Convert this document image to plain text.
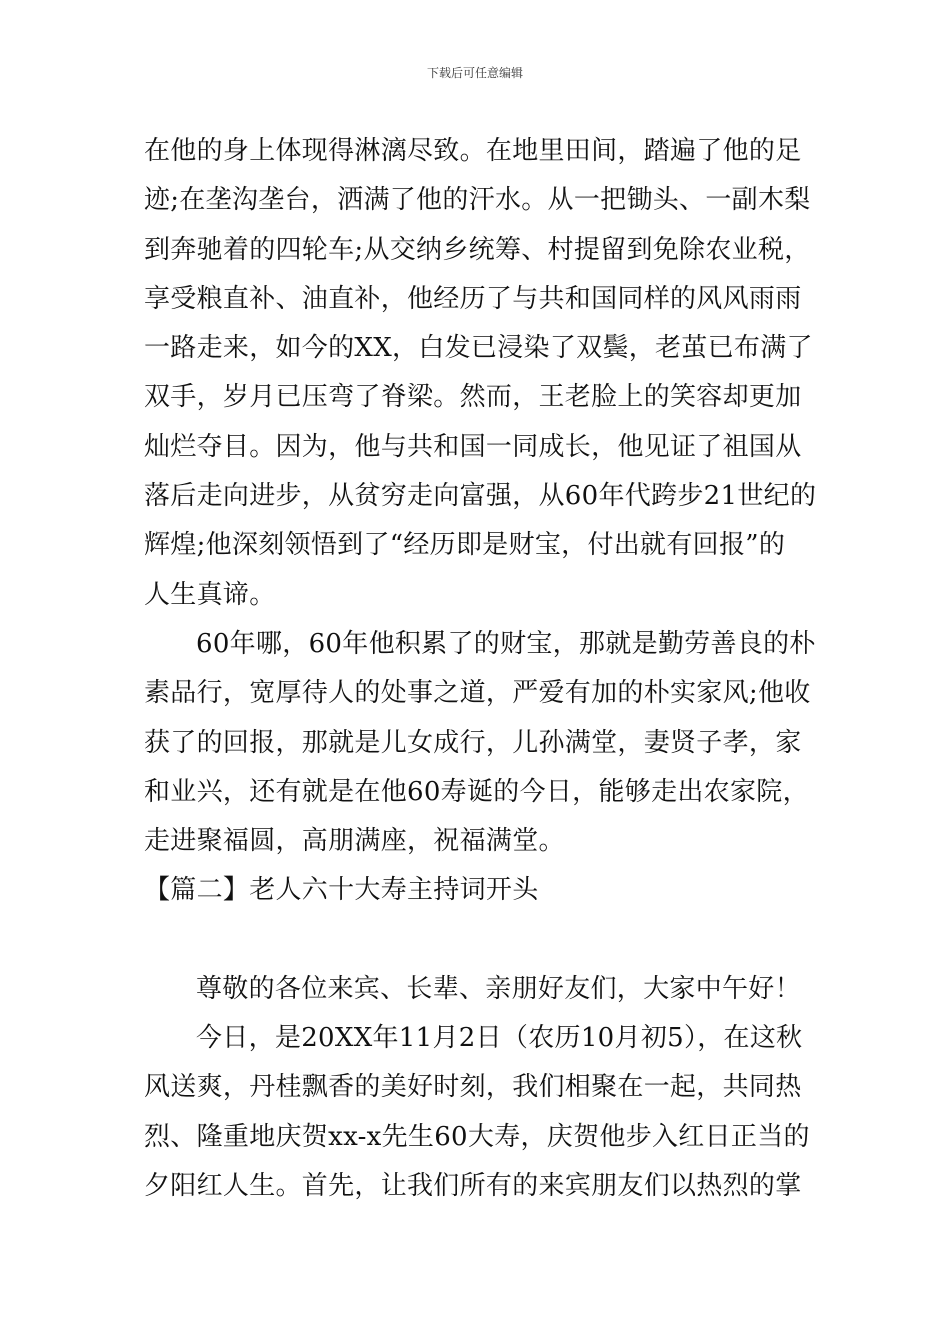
下载后可任意编辑
在他的身上体现得淋漓尽致。在地里田间，踏遍了他的足
迹;在垄沟垄台，洒满了他的汗水。从一把锄头、一副木梨
到奔驰着的四轮车;从交纳乡统筹、村提留到免除农业税，
享受粮直补、油直补，他经历了与共和国同样的风风雨雨
一路走来，如今的XX，白发已浸染了双鬓，老茧已布满了
双手，岁月已压弯了脊梁。然而，王老脸上的笑容却更加
灿烂夺目。因为，他与共和国一同成长，他见证了祖国从
落后走向进步，从贫穷走向富强，从60年代跨步21世纪的
辉煌;他深刻领悟到了“经历即是财宝，付出就有回报”的
人生真谛。
60年哪，60年他积累了的财宝，那就是勤劳善良的朴
素品行，宽厚待人的处事之道，严爱有加的朴实家风;他收
获了的回报，那就是儿女成行，儿孙满堂，妻贤子孝，家
和业兴，还有就是在他60寿诞的今日，能够走出农家院，
走进聚福圆，高朋满座，祝福满堂。
【篇二】老人六十大寿主持词开头
尊敬的各位来宾、长辈、亲朋好友们，大家中午好！
今日，是20XX年11月2日（农历10月初5），在这秋
风送爽，丹桂飘香的美好时刻，我们相聚在一起，共同热
烈、隆重地庆贺xx-x先生60大寿，庆贺他步入红日正当的
夕阳红人生。首先，让我们所有的来宾朋友们以热烈的掌
